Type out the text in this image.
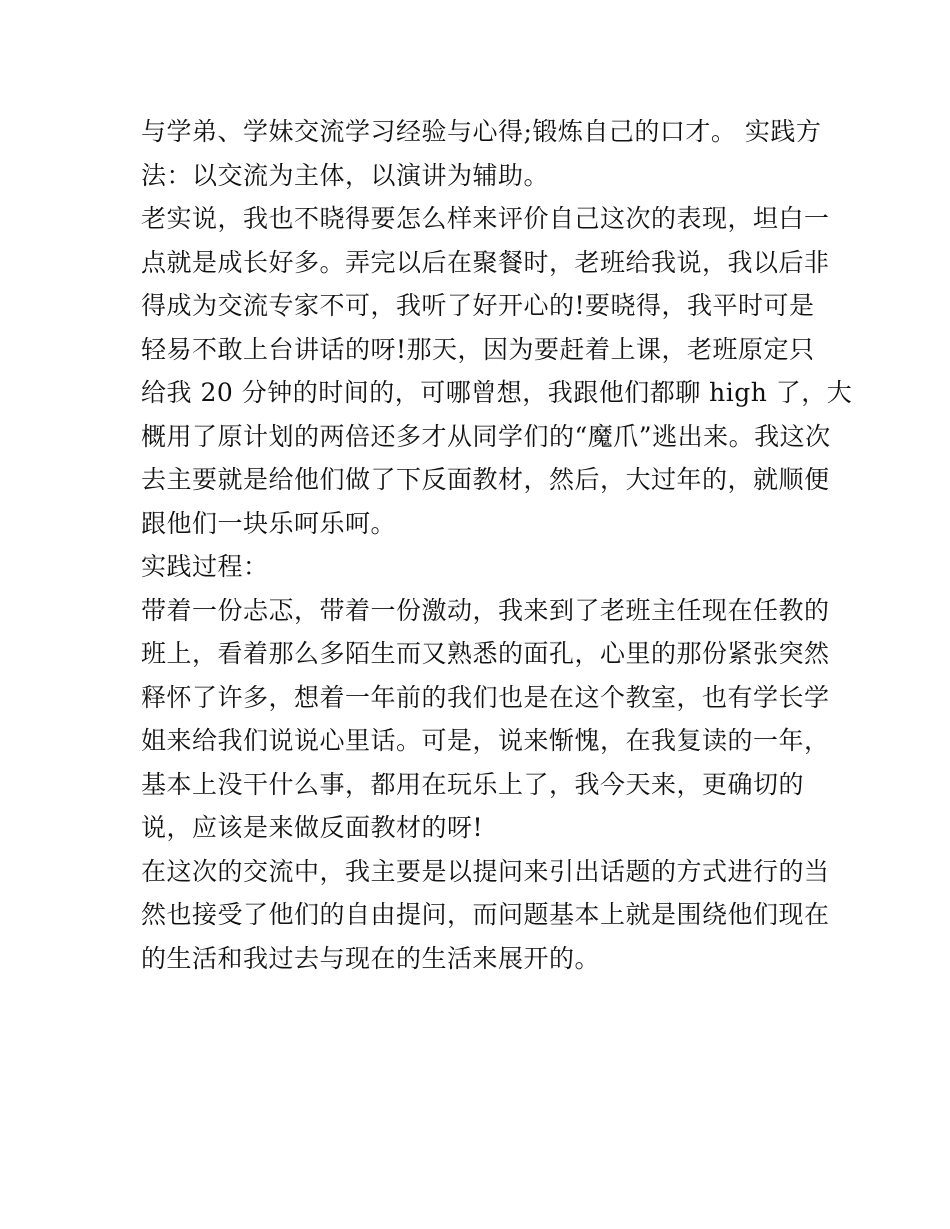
与学弟、学妹交流学习经验与心得;锻炼自己的口才。 实践方
法：以交流为主体，以演讲为辅助。
老实说，我也不晓得要怎么样来评价自己这次的表现，坦白一
点就是成长好多。弄完以后在聚餐时，老班给我说，我以后非
得成为交流专家不可，我听了好开心的!要晓得，我平时可是
轻易不敢上台讲话的呀!那天，因为要赶着上课，老班原定只
给我 20 分钟的时间的，可哪曾想，我跟他们都聊 high 了，大
概用了原计划的两倍还多才从同学们的“魔爪”逃出来。我这次
去主要就是给他们做了下反面教材，然后，大过年的，就顺便
跟他们一块乐呵乐呵。
实践过程：
带着一份忐忑，带着一份激动，我来到了老班主任现在任教的
班上，看着那么多陌生而又熟悉的面孔，心里的那份紧张突然
释怀了许多，想着一年前的我们也是在这个教室，也有学长学
姐来给我们说说心里话。可是，说来惭愧，在我复读的一年，
基本上没干什么事，都用在玩乐上了，我今天来，更确切的
说，应该是来做反面教材的呀!
在这次的交流中，我主要是以提问来引出话题的方式进行的当
然也接受了他们的自由提问，而问题基本上就是围绕他们现在
的生活和我过去与现在的生活来展开的。
